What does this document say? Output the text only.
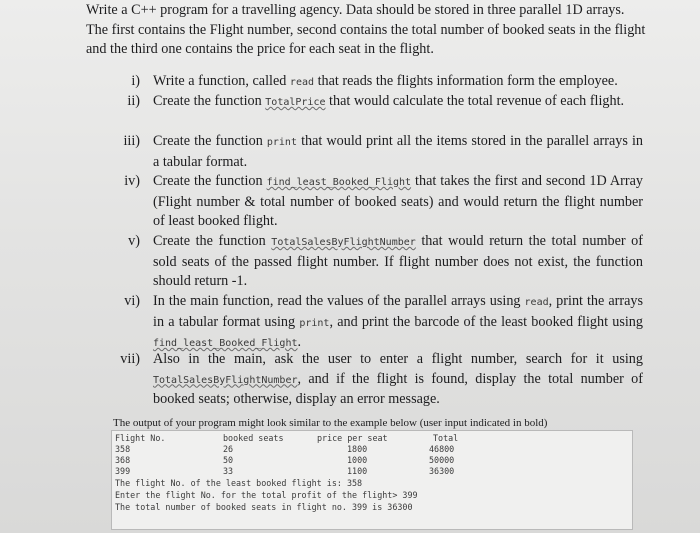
Write a C++ program for a travelling agency. Data should be stored in three parallel 1D arrays. The first contains the Flight number, second contains the total number of booked seats in the flight and the third one contains the price for each seat in the flight.
i) Write a function, called read that reads the flights information form the employee.
ii) Create the function TotalPrice that would calculate the total revenue of each flight.
iii) Create the function print that would print all the items stored in the parallel arrays in a tabular format.
iv) Create the function find_least_Booked_Flight that takes the first and second 1D Array (Flight number & total number of booked seats) and would return the flight number of least booked flight.
v) Create the function TotalSalesByFlightNumber that would return the total number of sold seats of the passed flight number. If flight number does not exist, the function should return -1.
vi) In the main function, read the values of the parallel arrays using read, print the arrays in a tabular format using print, and print the barcode of the least booked flight using find_least_Booked_Flight.
vii) Also in the main, ask the user to enter a flight number, search for it using TotalSalesByFlightNumber, and if the flight is found, display the total number of booked seats; otherwise, display an error message.
The output of your program might look similar to the example below (user input indicated in bold)
Flight No.	booked seats	price per seat	Total
358	26	1800	46800
368	50	1000	50000
399	33	1100	36300
The flight No. of the least booked flight is: 358
Enter the flight No. for the total profit of the flight> 399
The total number of booked seats in flight no. 399 is 36300
